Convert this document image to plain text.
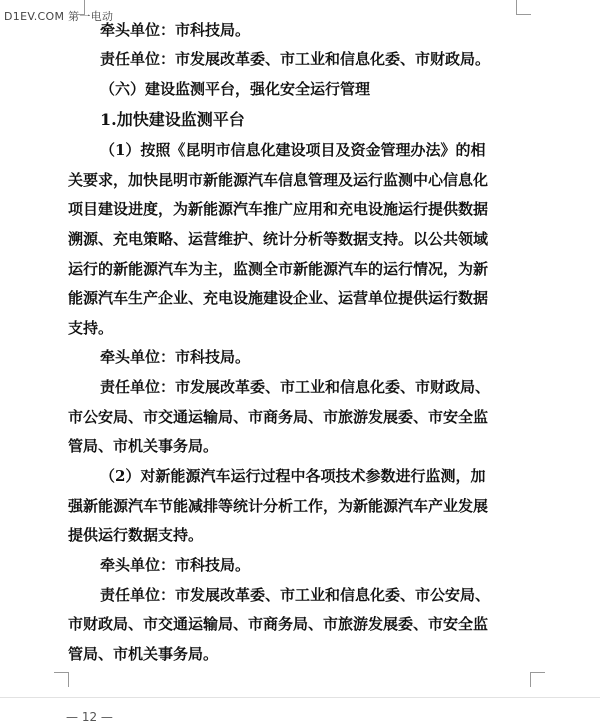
D1EV.COM 第一电动
牵头单位：市科技局。
责任单位：市发展改革委、市工业和信息化委、市财政局。
（六）建设监测平台，强化安全运行管理
1.加快建设监测平台
（1）按照《昆明市信息化建设项目及资金管理办法》的相
关要求，加快昆明市新能源汽车信息管理及运行监测中心信息化
项目建设进度，为新能源汽车推广应用和充电设施运行提供数据
溯源、充电策略、运营维护、统计分析等数据支持。以公共领域
运行的新能源汽车为主，监测全市新能源汽车的运行情况，为新
能源汽车生产企业、充电设施建设企业、运营单位提供运行数据
支持。
牵头单位：市科技局。
责任单位：市发展改革委、市工业和信息化委、市财政局、
市公安局、市交通运输局、市商务局、市旅游发展委、市安全监
管局、市机关事务局。
（2）对新能源汽车运行过程中各项技术参数进行监测，加
强新能源汽车节能减排等统计分析工作，为新能源汽车产业发展
提供运行数据支持。
牵头单位：市科技局。
责任单位：市发展改革委、市工业和信息化委、市公安局、
市财政局、市交通运输局、市商务局、市旅游发展委、市安全监
管局、市机关事务局。
— 12 —
